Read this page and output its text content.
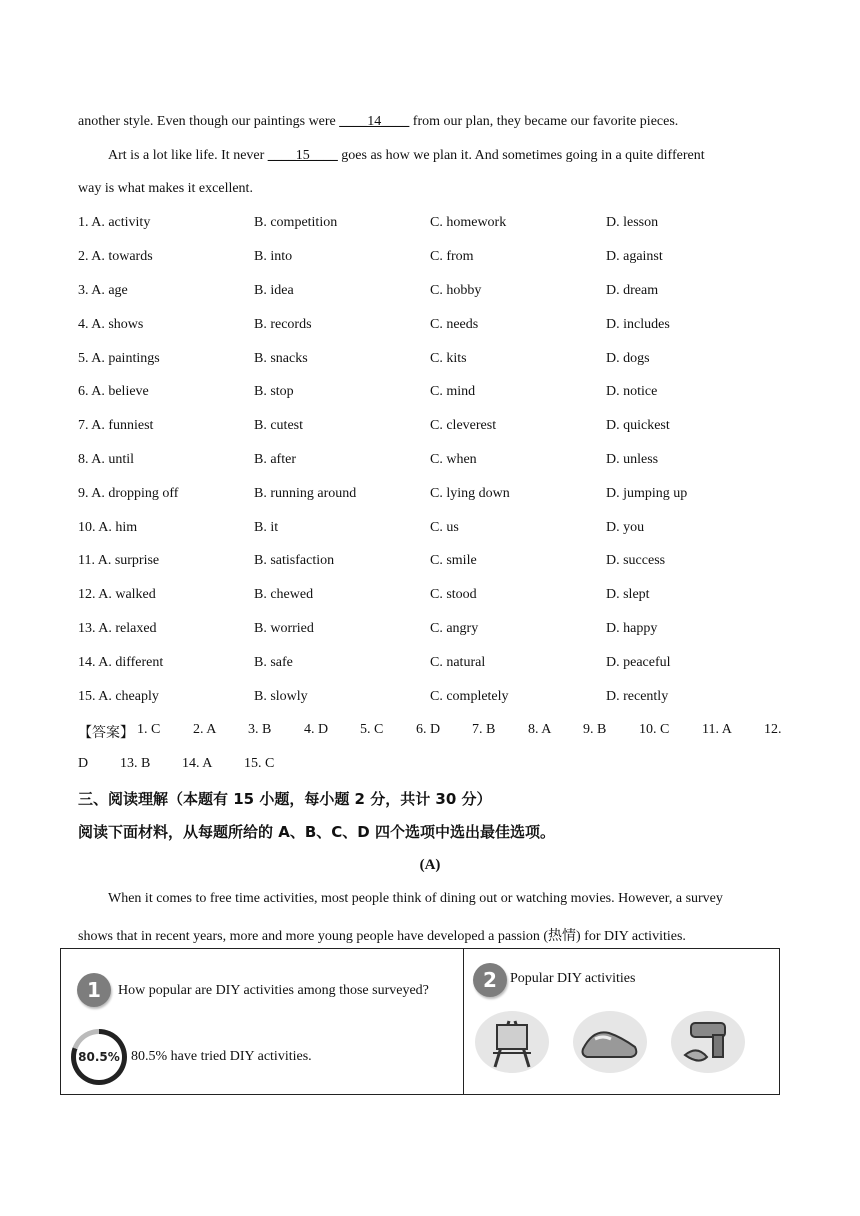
another style. Even though our paintings were ____14____ from our plan, they became our favorite pieces.
Art is a lot like life. It never ____15____ goes as how we plan it. And sometimes going in a quite different
way is what makes it excellent.
1. A. activity	B. competition	C. homework	D. lesson
2. A. towards	B. into	C. from	D. against
3. A. age	B. idea	C. hobby	D. dream
4. A. shows	B. records	C. needs	D. includes
5. A. paintings	B. snacks	C. kits	D. dogs
6. A. believe	B. stop	C. mind	D. notice
7. A. funniest	B. cutest	C. cleverest	D. quickest
8. A. until	B. after	C. when	D. unless
9. A. dropping off	B. running around	C. lying down	D. jumping up
10. A. him	B. it	C. us	D. you
11. A. surprise	B. satisfaction	C. smile	D. success
12. A. walked	B. chewed	C. stood	D. slept
13. A. relaxed	B. worried	C. angry	D. happy
14. A. different	B. safe	C. natural	D. peaceful
15. A. cheaply	B. slowly	C. completely	D. recently
【答案】 1. C 2. A 3. B 4. D 5. C 6. D 7. B 8. A 9. B 10. C 11. A 12.
D 13. B 14. A 15. C
三、阅读理解（本题有 15 小题，每小题 2 分，共计 30 分）
阅读下面材料，从每题所给的 A、B、C、D 四个选项中选出最佳选项。
(A)
When it comes to free time activities, most people think of dining out or watching movies. However, a survey
shows that in recent years, more and more young people have developed a passion (热情) for DIY activities.
1	How popular are DIY activities among those surveyed?
80.5% 80.5% have tried DIY activities.
2 Popular DIY activities
